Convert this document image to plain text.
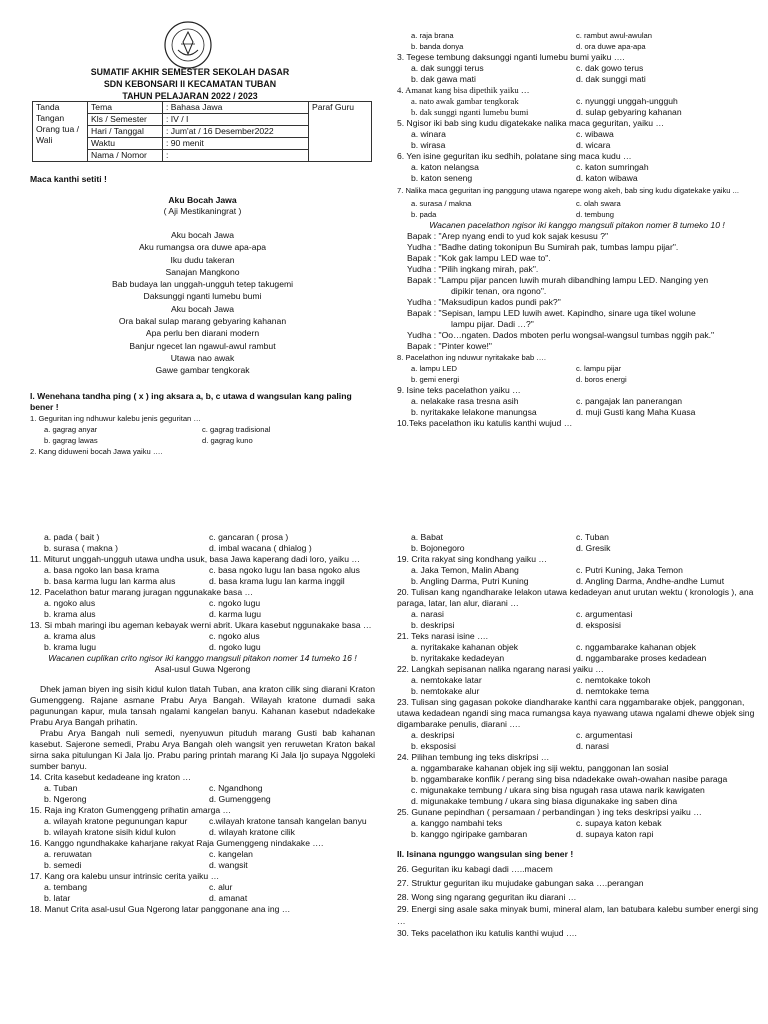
SUMATIF AKHIR SEMESTER SEKOLAH DASAR
SDN KEBONSARI II KECAMATAN TUBAN
TAHUN PELAJARAN 2022 / 2023
Tanda Tangan Orang tua / Wali	Tema	: Bahasa Jawa	Paraf Guru
	Kls / Semester	: IV / I	
	Hari / Tanggal	: Jum'at / 16 Desember2022	
	Waktu	: 90 menit	
	Nama / Nomor	:	
Maca kanthi setiti !
Aku Bocah Jawa
( Aji Mestikaningrat )
Aku bocah Jawa
Aku rumangsa ora duwe apa-apa
Iku dudu takeran
Sanajan Mangkono
Bab budaya lan unggah-ungguh tetep takugemi
Daksunggi nganti lumebu bumi
Aku bocah Jawa
Ora bakal sulap marang gebyaring kahanan
Apa perlu ben diarani modern
Banjur ngecet lan ngawul-awul rambut
Utawa nao awak
Gawe gambar tengkorak
I. Wenehana tandha ping ( x ) ing aksara a, b, c utawa d wangsulan kang paling bener !
1. Geguritan ing ndhuwur kalebu jenis geguritan …
a. gagrag anyar	c. gagrag tradisional
b. gagrag lawas	d. gagrag kuno
2. Kang diduweni bocah Jawa yaiku ….
a. raja brana	c. rambut awul-awulan
b. banda donya	d. ora duwe apa-apa
3. Tegese tembung daksunggi nganti lumebu bumi yaiku ….
a. dak sunggi terus	c. dak gowo terus
b. dak gawa mati	d. dak sunggi mati
4. Amanat kang bisa dipethik yaiku …
a. nato awak gambar tengkorak	c. nyunggi unggah-ungguh
b. dak sunggi nganti lumebu bumi	d. sulap gebyaring kahanan
5. Ngisor iki bab sing kudu digatekake nalika maca geguritan, yaiku …
a. winara	c. wibawa
b. wirasa	d. wicara
6. Yen isine geguritan iku sedhih, polatane sing maca kudu …
a. katon nelangsa	c. katon sumringah
b. katon seneng	d. katon wibawa
7. Nalika maca geguritan ing panggung utawa ngarepe wong akeh, bab sing kudu digatekake yaiku ...
a. surasa / makna	c. olah swara
b. pada	d. tembung
Wacanen pacelathon ngisor iki kanggo mangsuli pitakon nomer 8 tumeko 10 !
Bapak : "Arep nyang endi to yud kok sajak kesusu ?"
Yudha : "Badhe dating tokonipun Bu Sumirah pak, tumbas lampu pijar".
Bapak : "Kok gak lampu LED wae to".
Yudha : "Pilih ingkang mirah, pak".
Bapak : "Lampu pijar pancen luwih murah dibandhing lampu LED. Nanging yen
dipikir tenan, ora ngono".
Yudha : "Maksudipun kados pundi pak?"
Bapak : "Sepisan, lampu LED luwih awet. Kapindho, sinare uga tikel wolune
lampu pijar. Dadi …?"
Yudha : "Oo…ngaten. Dados mboten perlu wongsal-wangsul tumbas nggih pak."
Bapak : "Pinter kowe!"
8. Pacelathon ing nduwur nyritakake bab ….
a. lampu LED	c. lampu pijar
b. gemi energi	d. boros energi
9. Isine teks pacelathon yaiku …
a. nelakake rasa tresna asih	c. pangajak lan panerangan
b. nyritakake lelakone manungsa	d. muji Gusti kang Maha Kuasa
10.Teks pacelathon iku katulis kanthi wujud …
a. pada ( bait )	c. gancaran ( prosa )
b. surasa ( makna )	d. imbal wacana ( dhialog )
11. Miturut unggah-ungguh utawa undha usuk, basa Jawa kaperang dadi loro, yaiku …
a. basa ngoko lan basa krama	c. basa ngoko lugu lan basa ngoko alus
b. basa karma lugu lan karma alus	d. basa krama lugu lan karma inggil
12. Pacelathon batur marang juragan nggunakake basa …
a. ngoko alus	c. ngoko lugu
b. krama alus	d. karma lugu
13. Si mbah maringi ibu ageman kebayak werni abrit. Ukara kasebut nggunakake basa …
a. krama alus	c. ngoko alus
b. krama lugu	d. ngoko lugu
Wacanen cuplikan crito ngisor iki kanggo mangsuli pitakon nomer 14 tumeko 16 !
Asal-usul Guwa Ngerong
Dhek jaman biyen ing sisih kidul kulon tlatah Tuban, ana kraton cilik sing diarani Kraton Gumenggeng. Rajane asmane Prabu Arya Bangah. Wilayah kratone dumadi saka pagunungan kapur, mula tansah ngalami kangelan banyu. Kahanan kasebut ndadekake Prabu Arya Bangah prihatin.
Prabu Arya Bangah nuli semedi, nyenyuwun pituduh marang Gusti bab kahanan kasebut. Sajerone semedi, Prabu Arya Bangah oleh wangsit yen reruwetan Kraton bakal sirna saka pitulungan Ki Jala Ijo. Prabu paring printah marang Ki Jala Ijo supaya Nggoleki sumber banyu.
14. Crita kasebut kedadeane ing kraton …
a. Tuban	c. Ngandhong
b. Ngerong	d. Gumenggeng
15. Raja ing Kraton Gumenggeng prihatin amarga …
a. wilayah kratone pegunungan kapur	c.wilayah kratone tansah kangelan banyu
b. wilayah kratone sisih kidul kulon	d. wilayah kratone cilik
16. Kanggo ngundhakake kaharjane rakyat Raja Gumenggeng nindakake ….
a. reruwatan	c. kangelan
b. semedi	d. wangsit
17. Kang ora kalebu unsur intrinsic cerita yaiku …
a. tembang	c. alur
b. latar	d. amanat
18. Manut Crita asal-usul Gua Ngerong latar panggonane ana ing …
a. Babat	c. Tuban
b. Bojonegoro	d. Gresik
19. Crita rakyat sing kondhang yaiku …
a. Jaka Temon, Malin Abang	c. Putri Kuning, Jaka Temon
b. Angling Darma, Putri Kuning	d. Angling Darma, Andhe-andhe Lumut
20. Tulisan kang ngandharake lelakon utawa kedadeyan anut urutan wektu ( kronologis ), ana paraga, latar, lan alur, diarani …
a. narasi	c. argumentasi
b. deskripsi	d. eksposisi
21. Teks narasi isine ….
a. nyritakake kahanan objek	c. nggambarake kahanan objek
b. nyritakake kedadeyan	d. nggambarake proses kedadean
22. Langkah sepisanan nalika ngarang narasi yaiku …
a. nemtokake latar	c. nemtokake tokoh
b. nemtokake alur	d. nemtokake tema
23. Tulisan sing gagasan pokoke diandharake kanthi cara nggambarake objek, panggonan, utawa kedadean ngandi sing maca rumangsa kaya nyawang utawa ngalami dhewe objek sing digambarake penulis, diarani ….
a. deskripsi	c. argumentasi
b. eksposisi	d. narasi
24. Pilihan tembung ing teks diskripsi …
a. nggambarake kahanan objek ing siji wektu, panggonan lan sosial
b. nggambarake konflik / perang sing bisa ndadekake owah-owahan nasibe paraga
c. migunakake tembung / ukara sing bisa ngugah rasa utawa narik kawigaten
d. migunakake tembung / ukara sing biasa digunakake ing saben dina
25. Gunane pepindhan ( persamaan / perbandingan ) ing teks deskripsi yaiku …
a. kanggo nambahi teks	c. supaya katon kebak
b. kanggo ngiripake gambaran	d. supaya katon rapi
II. Isinana ngunggo wangsulan sing bener !
26. Geguritan iku kabagi dadi …..macem
27. Struktur geguritan iku mujudake gabungan saka ….perangan
28. Wong sing ngarang geguritan iku diarani …
29. Energi sing asale saka minyak bumi, mineral alam, lan batubara kalebu sumber energi sing …
30. Teks pacelathon iku katulis kanthi wujud ….
